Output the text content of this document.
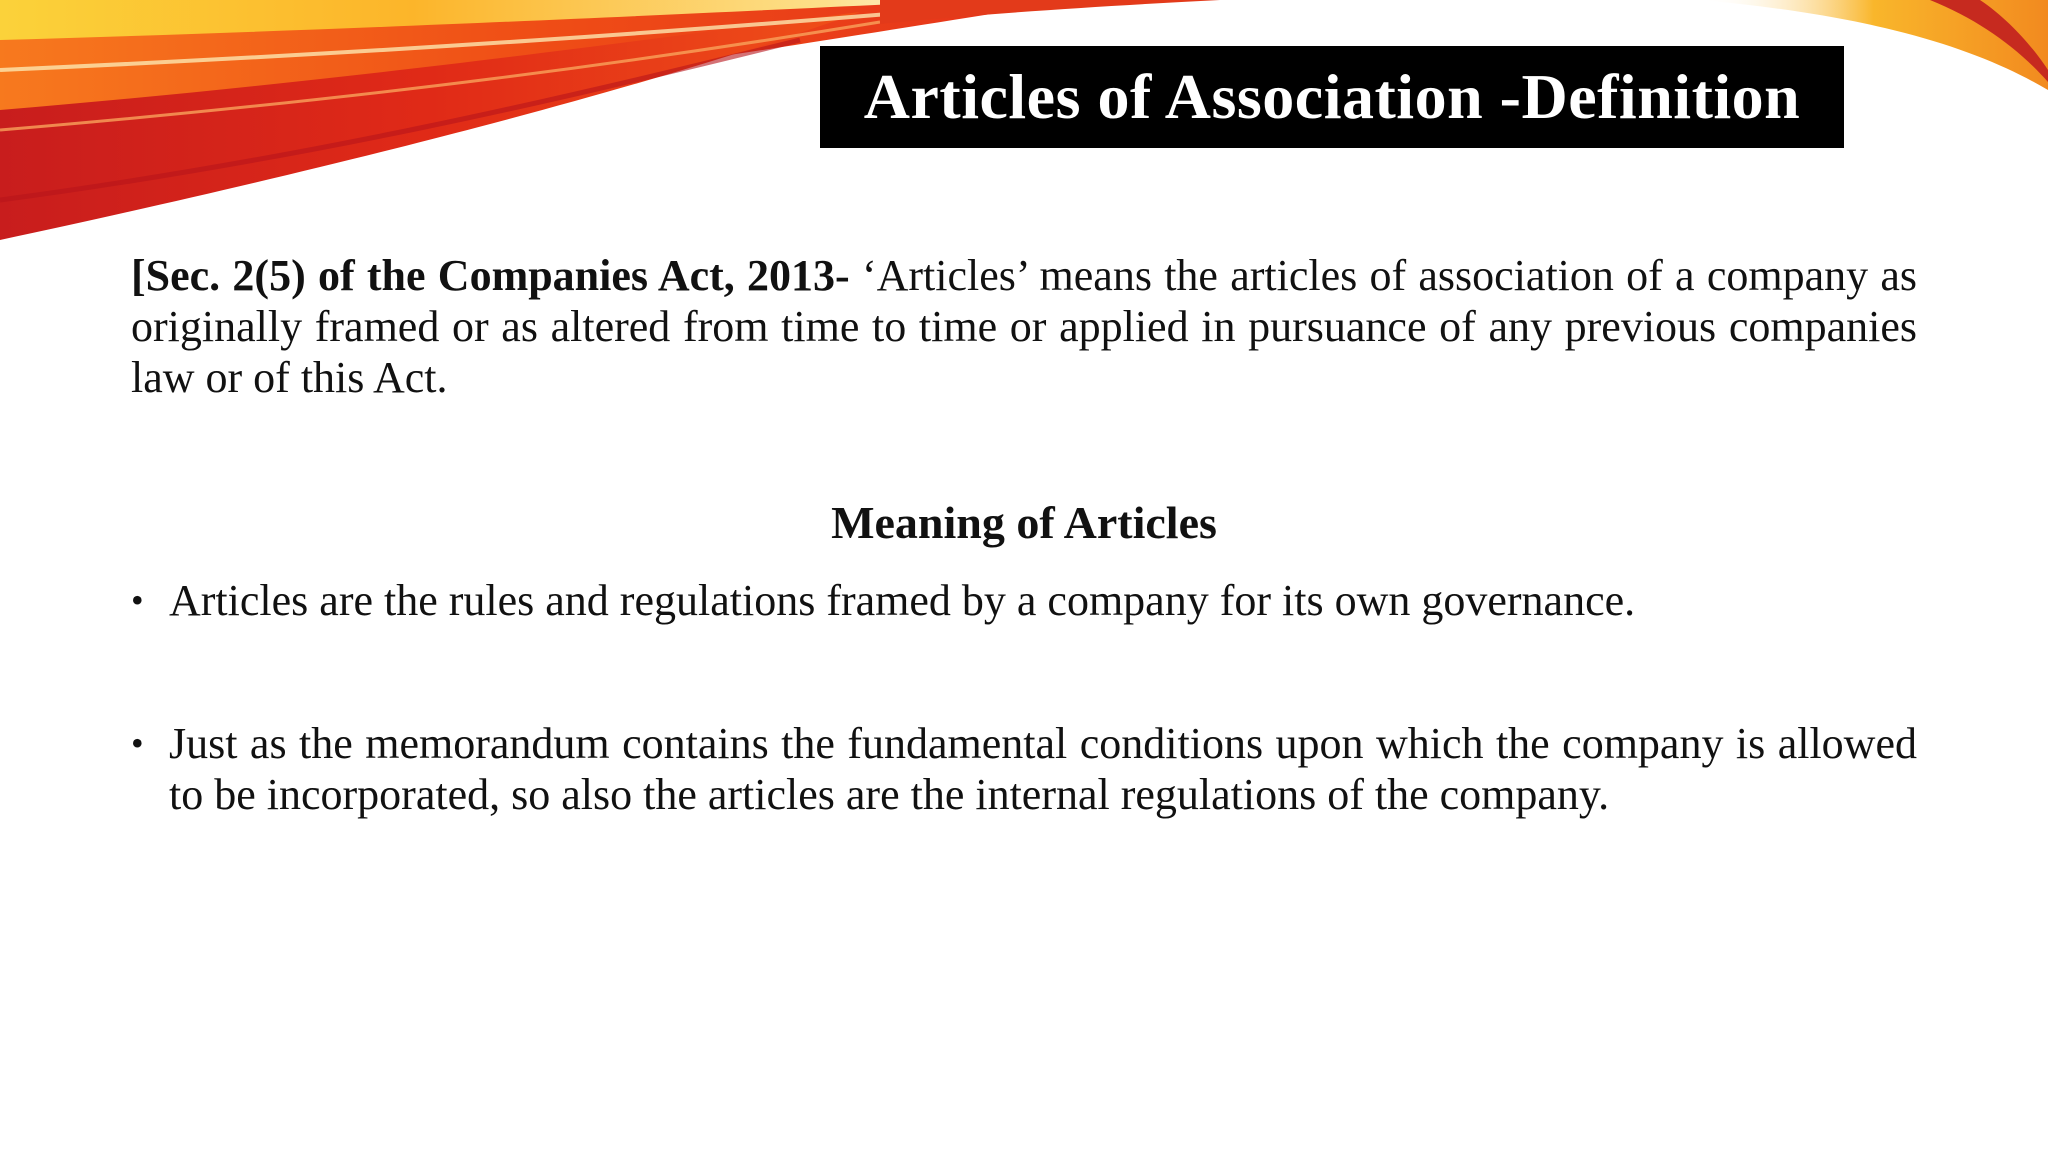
Articles of Association -Definition
[Sec. 2(5) of the Companies Act, 2013- ‘Articles’ means the articles of association of a company as originally framed or as altered from time to time or applied in pursuance of any previous companies law or of this Act.
Meaning of Articles
• Articles are the rules and regulations framed by a company for its own governance.
• Just as the memorandum contains the fundamental conditions upon which the company is allowed to be incorporated, so also the articles are the internal regulations of the company.
